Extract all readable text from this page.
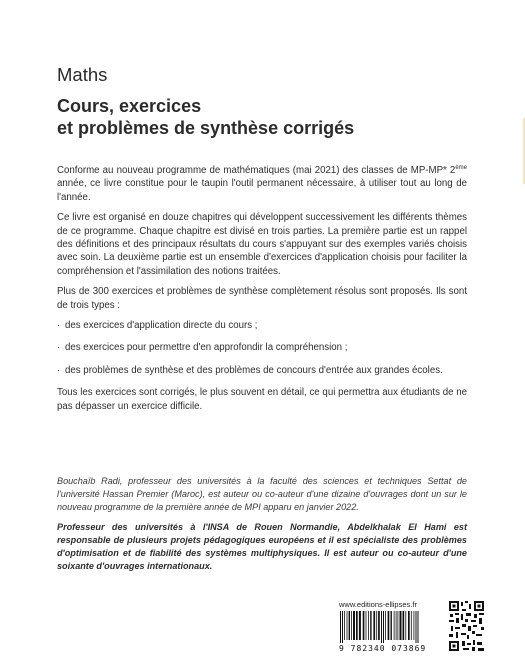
Maths
Cours, exercices
et problèmes de synthèse corrigés

Conforme au nouveau programme de mathématiques (mai 2021) des classes de MP-MP* 2ème année, ce livre constitue pour le taupin l'outil permanent nécessaire, à utiliser tout au long de l'année.

Ce livre est organisé en douze chapitres qui développent successivement les différents thèmes de ce programme. Chaque chapitre est divisé en trois parties. La première partie est un rappel des définitions et des principaux résultats du cours s'appuyant sur des exemples variés choisis avec soin. La deuxième partie est un ensemble d'exercices d'application choisis pour faciliter la compréhension et l'assimilation des notions traitées.

Plus de 300 exercices et problèmes de synthèse complètement résolus sont proposés. Ils sont de trois types :

· des exercices d'application directe du cours ;
· des exercices pour permettre d'en approfondir la compréhension ;
· des problèmes de synthèse et des problèmes de concours d'entrée aux grandes écoles.

Tous les exercices sont corrigés, le plus souvent en détail, ce qui permettra aux étudiants de ne pas dépasser un exercice difficile.

Bouchaïb Radi, professeur des universités à la faculté des sciences et techniques Settat de l'université Hassan Premier (Maroc), est auteur ou co-auteur d'une dizaine d'ouvrages dont un sur le nouveau programme de la première année de MPI apparu en janvier 2022.

Professeur des universités à l'INSA de Rouen Normandie, Abdelkhalak El Hami est responsable de plusieurs projets pédagogiques européens et il est spécialiste des problèmes d'optimisation et de fiabilité des systèmes multiphysiques. Il est auteur ou co-auteur d'une soixante d'ouvrages internationaux.

www.editions-ellipses.fr
9 782340 073869
